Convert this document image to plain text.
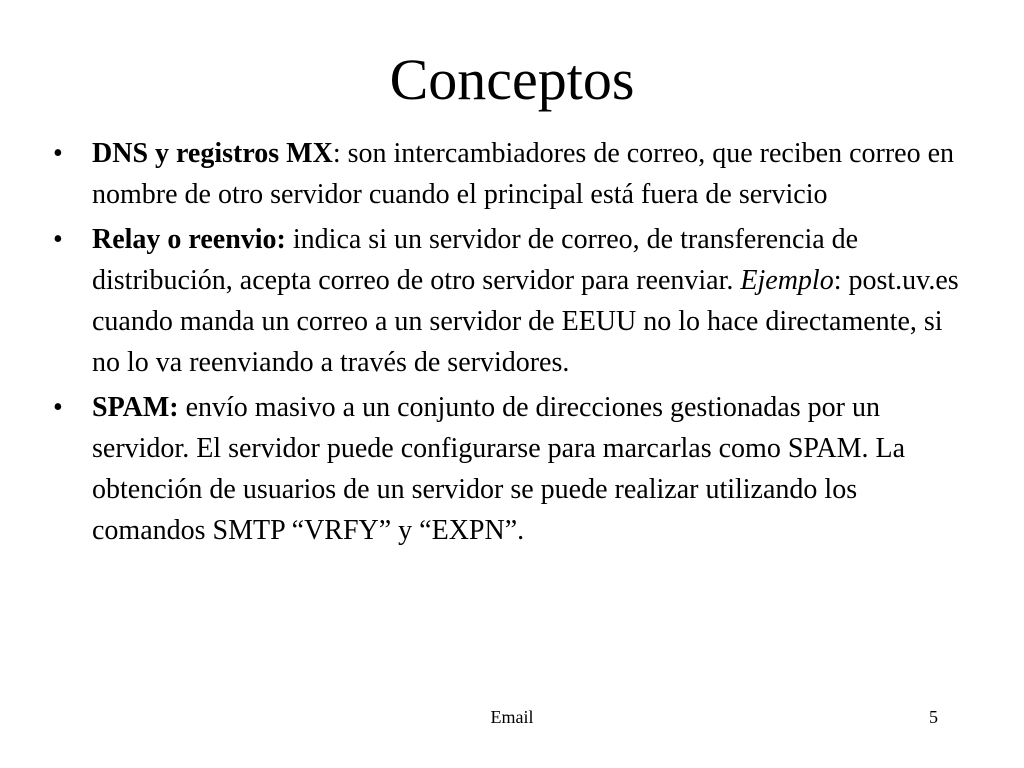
Conceptos
• DNS y registros MX: son intercambiadores de correo, que reciben correo en nombre de otro servidor cuando el principal está fuera de servicio
• Relay o reenvio: indica si un servidor de correo, de transferencia de distribución, acepta correo de otro servidor para reenviar. Ejemplo: post.uv.es cuando manda un correo a un servidor de EEUU no lo hace directamente, si no lo va reenviando a través de servidores.
• SPAM: envío masivo a un conjunto de direcciones gestionadas por un servidor. El servidor puede configurarse para marcarlas como SPAM. La obtención de usuarios de un servidor se puede realizar utilizando los comandos SMTP “VRFY” y “EXPN”.
Email	5
